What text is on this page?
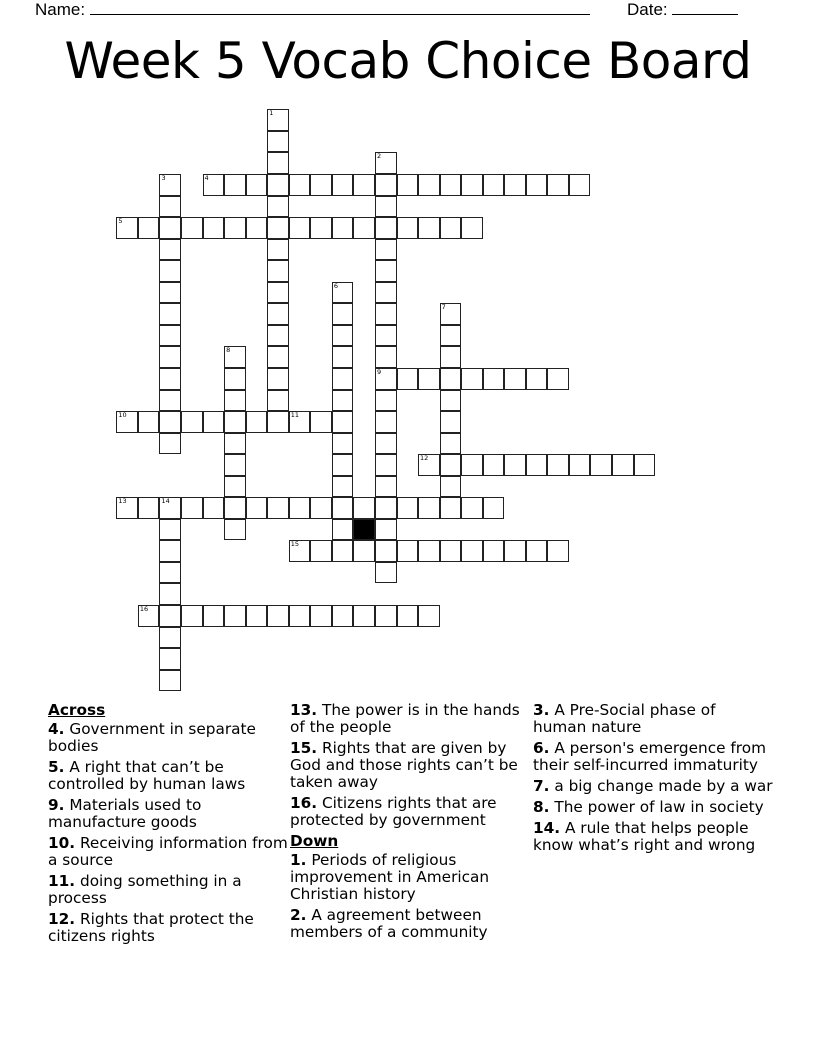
Name:	Date:
Week 5 Vocab Choice Board
1
2
9
3	4
5
6
7
8
10	11
12
13	14
15
16
Across
4. Government in separate bodies
5. A right that can’t be controlled by human laws
9. Materials used to manufacture goods
10. Receiving information from a source
11. doing something in a process
12. Rights that protect the citizens rights
13. The power is in the hands of the people
15. Rights that are given by God and those rights can’t be taken away
16. Citizens rights that are protected by government
Down
1. Periods of religious improvement in American Christian history
2. A agreement between members of a community
3. A Pre-Social phase of human nature
6. A person's emergence from their self-incurred immaturity
7. a big change made by a war
8. The power of law in society
14. A rule that helps people know what’s right and wrong
